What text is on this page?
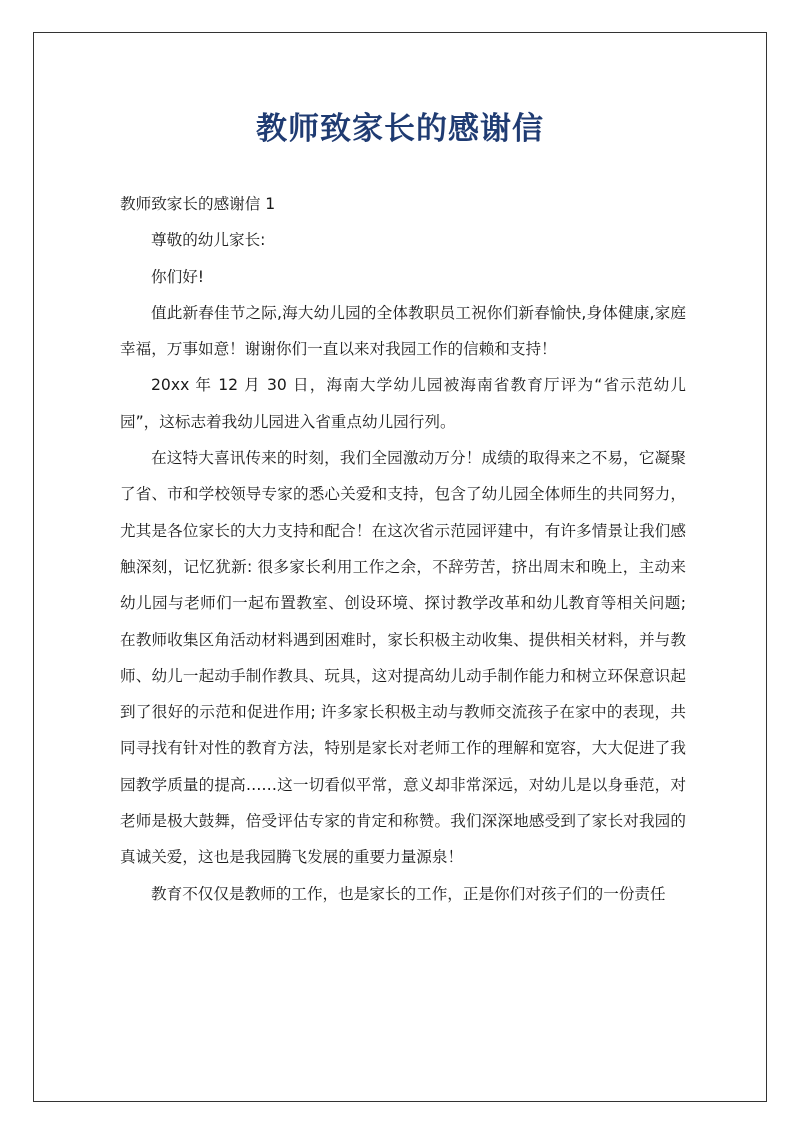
教师致家长的感谢信

教师致家长的感谢信 1

尊敬的幼儿家长:

你们好!

值此新春佳节之际,海大幼儿园的全体教职员工祝你们新春愉快,身体健康,家庭幸福，万事如意！谢谢你们一直以来对我园工作的信赖和支持！

20xx 年 12 月 30 日，海南大学幼儿园被海南省教育厅评为“省示范幼儿园”，这标志着我幼儿园进入省重点幼儿园行列。

在这特大喜讯传来的时刻，我们全园激动万分！成绩的取得来之不易，它凝聚了省、市和学校领导专家的悉心关爱和支持，包含了幼儿园全体师生的共同努力，尤其是各位家长的大力支持和配合！在这次省示范园评建中，有许多情景让我们感触深刻，记忆犹新: 很多家长利用工作之余，不辞劳苦，挤出周末和晚上，主动来幼儿园与老师们一起布置教室、创设环境、探讨教学改革和幼儿教育等相关问题; 在教师收集区角活动材料遇到困难时，家长积极主动收集、提供相关材料，并与教师、幼儿一起动手制作教具、玩具，这对提高幼儿动手制作能力和树立环保意识起到了很好的示范和促进作用; 许多家长积极主动与教师交流孩子在家中的表现，共同寻找有针对性的教育方法，特别是家长对老师工作的理解和宽容，大大促进了我园教学质量的提高……这一切看似平常，意义却非常深远，对幼儿是以身垂范，对老师是极大鼓舞，倍受评估专家的肯定和称赞。我们深深地感受到了家长对我园的真诚关爱，这也是我园腾飞发展的重要力量源泉！

教育不仅仅是教师的工作，也是家长的工作，正是你们对孩子们的一份责任
